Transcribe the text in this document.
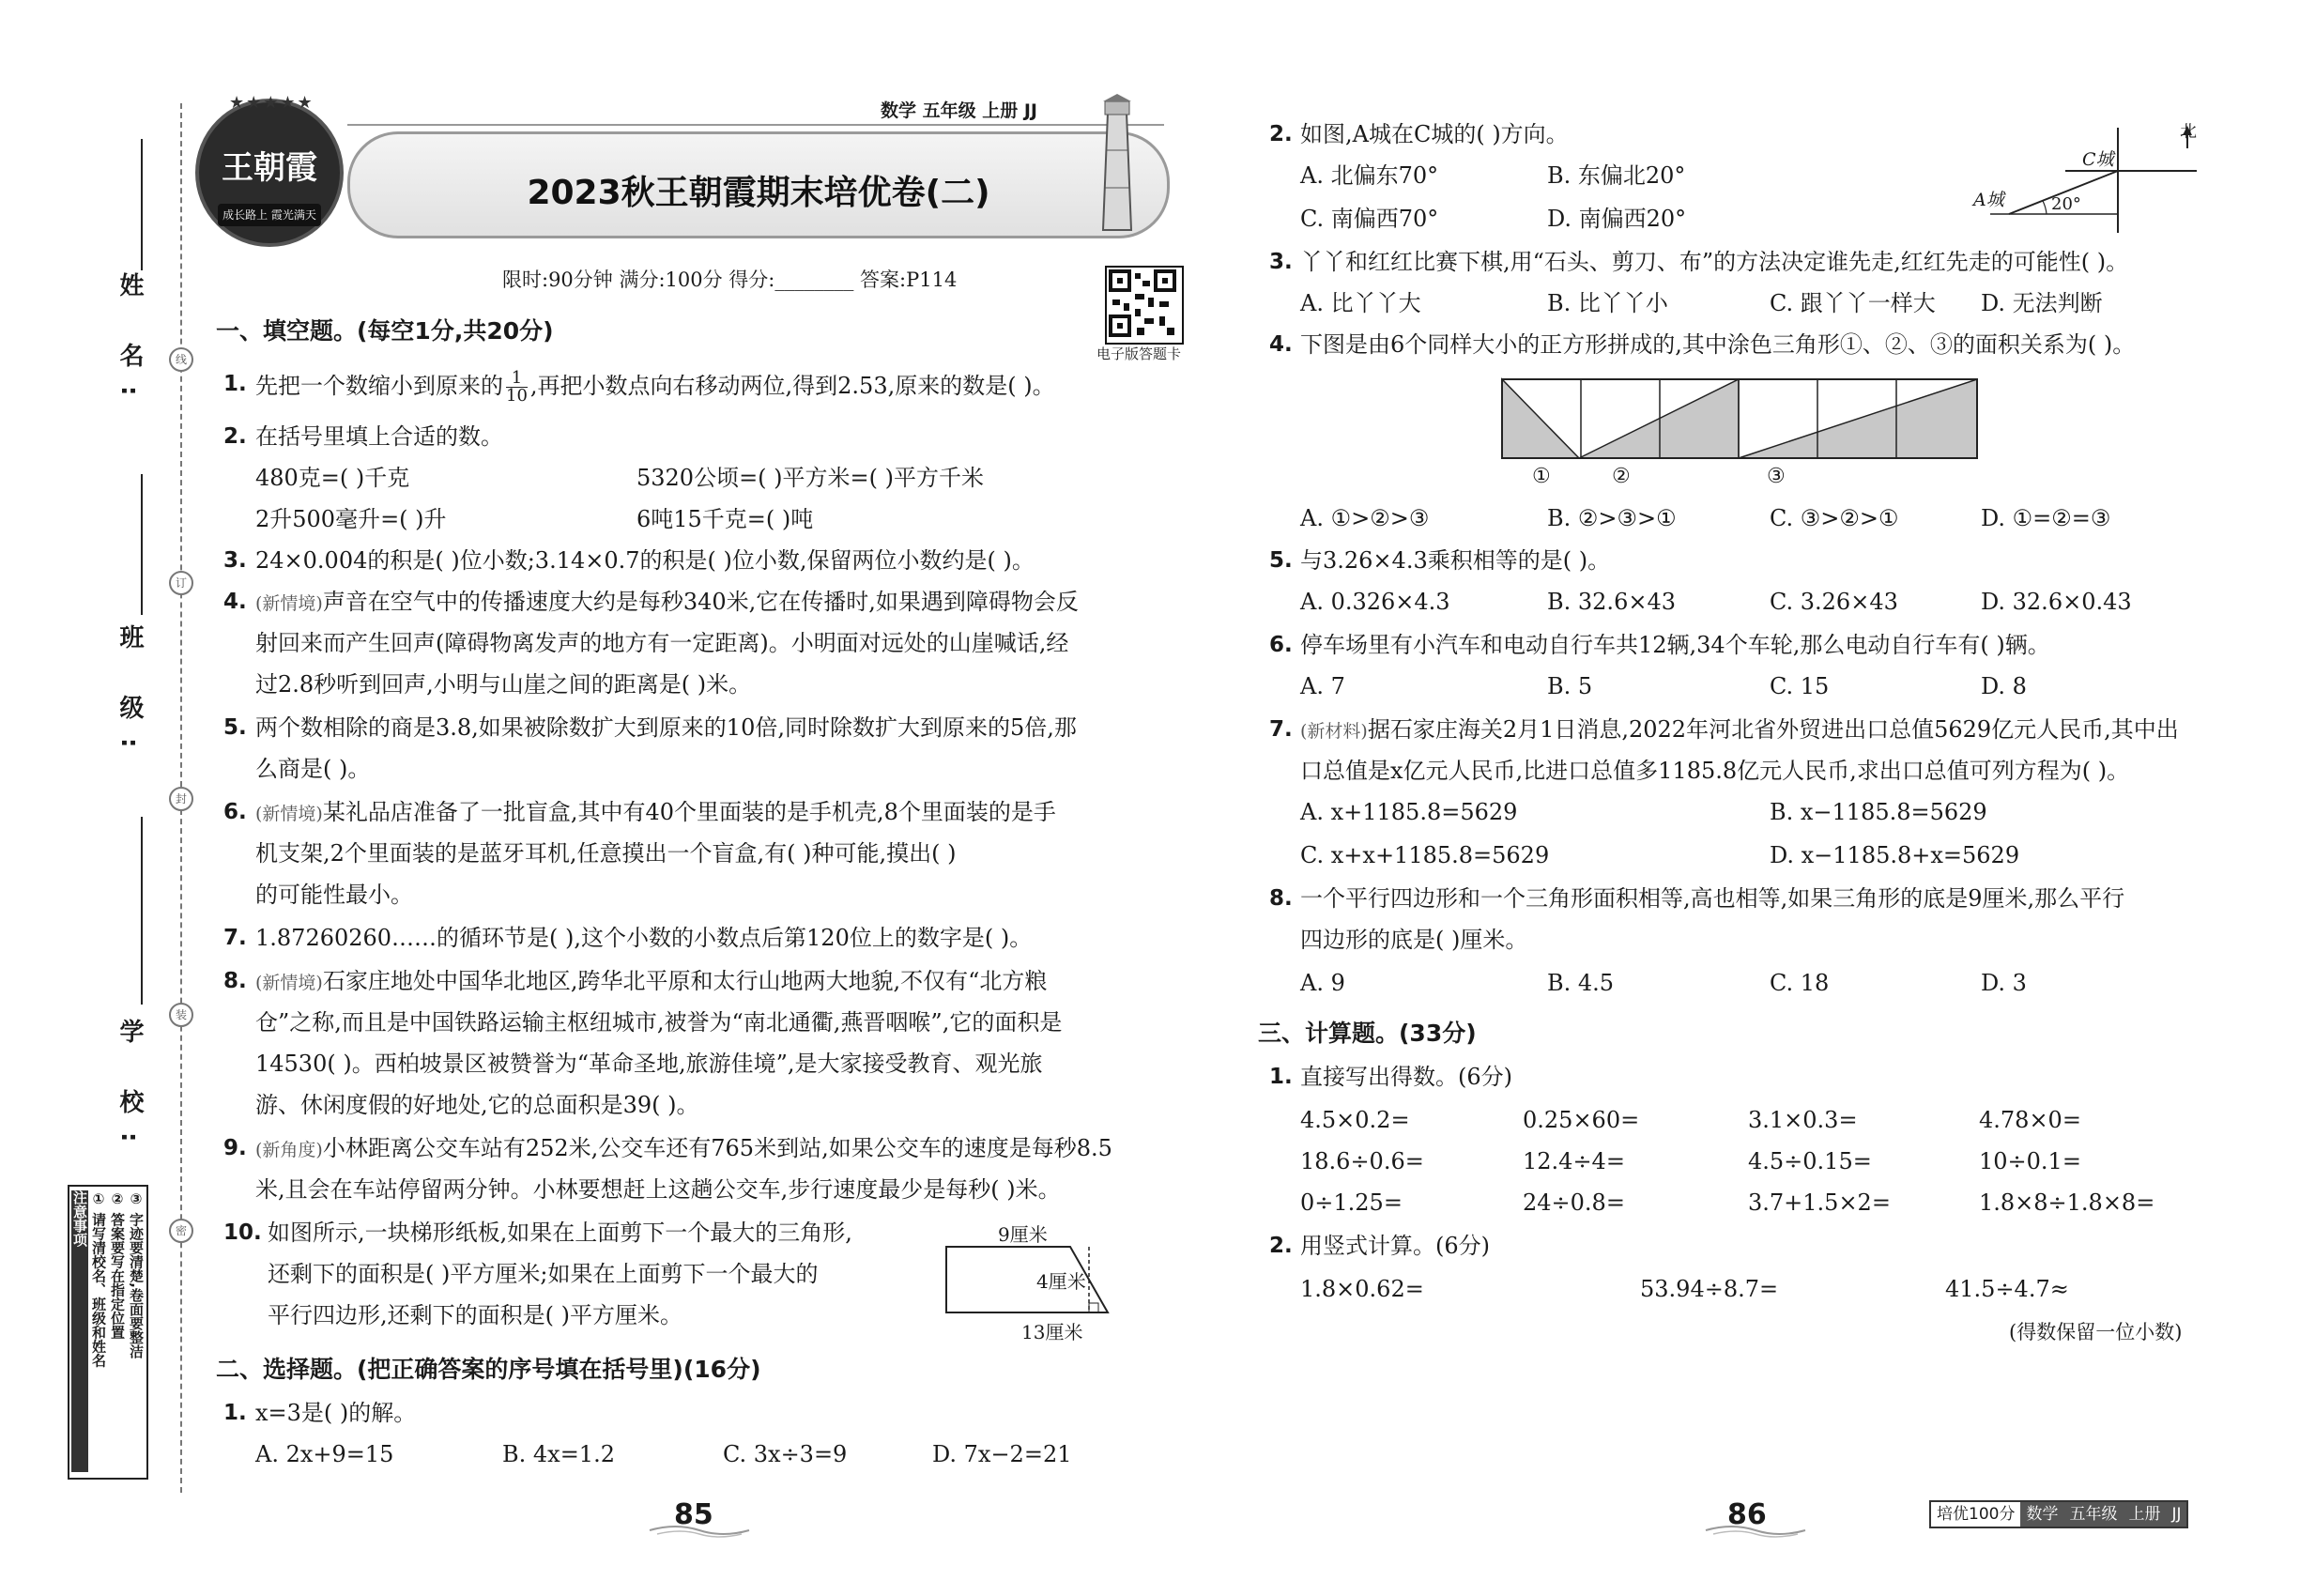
姓 名:
班 级:
学 校:
线
订
封
装
密
注意事项 ① 请写清校名、班级和姓名 ② 答案要写在指定位置 ③ 字迹要清楚,卷面要整洁
★★★★★
王朝霞
成长路上 霞光满天
数学 五年级 上册 JJ
2023秋王朝霞期末培优卷(二)
限时:90分钟 满分:100分 得分:________ 答案:P114
电子版答题卡
一、填空题。(每空1分,共20分)
1. 先把一个数缩小到原来的 $\frac{1}{10}$ ,再把小数点向右移动两位,得到2.53,原来的数是( )。
2. 在括号里填上合适的数。
480克=( )千克	5320公顷=( )平方米=( )平方千米
2升500毫升=( )升	6吨15千克=( )吨
3. 24×0.004的积是( )位小数;3.14×0.7的积是( )位小数,保留两位小数约是( )。
4. (新情境)声音在空气中的传播速度大约是每秒340米,它在传播时,如果遇到障碍物会反
射回来而产生回声(障碍物离发声的地方有一定距离)。小明面对远处的山崖喊话,经
过2.8秒听到回声,小明与山崖之间的距离是( )米。
5. 两个数相除的商是3.8,如果被除数扩大到原来的10倍,同时除数扩大到原来的5倍,那
么商是( )。
6. (新情境)某礼品店准备了一批盲盒,其中有40个里面装的是手机壳,8个里面装的是手
机支架,2个里面装的是蓝牙耳机,任意摸出一个盲盒,有( )种可能,摸出( )
的可能性最小。
7. 1.87260260……的循环节是( ),这个小数的小数点后第120位上的数字是( )。
8. (新情境)石家庄地处中国华北地区,跨华北平原和太行山地两大地貌,不仅有“北方粮
仓”之称,而且是中国铁路运输主枢纽城市,被誉为“南北通衢,燕晋咽喉”,它的面积是
14530( )。西柏坡景区被赞誉为“革命圣地,旅游佳境”,是大家接受教育、观光旅
游、休闲度假的好地处,它的总面积是39( )。
9. (新角度)小林距离公交车站有252米,公交车还有765米到站,如果公交车的速度是每秒8.5
米,且会在车站停留两分钟。小林要想赶上这趟公交车,步行速度最少是每秒( )米。
10. 如图所示,一块梯形纸板,如果在上面剪下一个最大的三角形,
还剩下的面积是( )平方厘米;如果在上面剪下一个最大的
平行四边形,还剩下的面积是( )平方厘米。
9厘米
4厘米
13厘米
二、选择题。(把正确答案的序号填在括号里)(16分)
1. x=3是( )的解。
A. 2x+9=15	B. 4x=1.2	C. 3x÷3=9	D. 7x−2=21
85
2. 如图,A城在C城的( )方向。
A. 北偏东70°	B. 东偏北20°
C. 南偏西70°	D. 南偏西20°
北
C城
A城	20°
3. 丫丫和红红比赛下棋,用“石头、剪刀、布”的方法决定谁先走,红红先走的可能性( )。
A. 比丫丫大	B. 比丫丫小	C. 跟丫丫一样大 D. 无法判断
4. 下图是由6个同样大小的正方形拼成的,其中涂色三角形①、②、③的面积关系为( )。
①	②	③
A. ①>②>③	B. ②>③>①	C. ③>②>①	D. ①=②=③
5. 与3.26×4.3乘积相等的是( )。
A. 0.326×4.3	B. 32.6×43	C. 3.26×43	D. 32.6×0.43
6. 停车场里有小汽车和电动自行车共12辆,34个车轮,那么电动自行车有( )辆。
A. 7	B. 5	C. 15	D. 8
7. (新材料)据石家庄海关2月1日消息,2022年河北省外贸进出口总值5629亿元人民币,其中出
口总值是x亿元人民币,比进口总值多1185.8亿元人民币,求出口总值可列方程为( )。
A. x+1185.8=5629	B. x−1185.8=5629
C. x+x+1185.8=5629	D. x−1185.8+x=5629
8. 一个平行四边形和一个三角形面积相等,高也相等,如果三角形的底是9厘米,那么平行
四边形的底是( )厘米。
A. 9	B. 4.5	C. 18	D. 3
三、计算题。(33分)
1. 直接写出得数。(6分)
4.5×0.2=	0.25×60=	3.1×0.3=	4.78×0=
18.6÷0.6=	12.4÷4=	4.5÷0.15=	10÷0.1=
0÷1.25=	24÷0.8=	3.7+1.5×2=	1.8×8÷1.8×8=
2. 用竖式计算。(6分)
1.8×0.62=	53.94÷8.7=	41.5÷4.7≈
(得数保留一位小数)
86	培优100分 数学 五年级 上册 JJ
